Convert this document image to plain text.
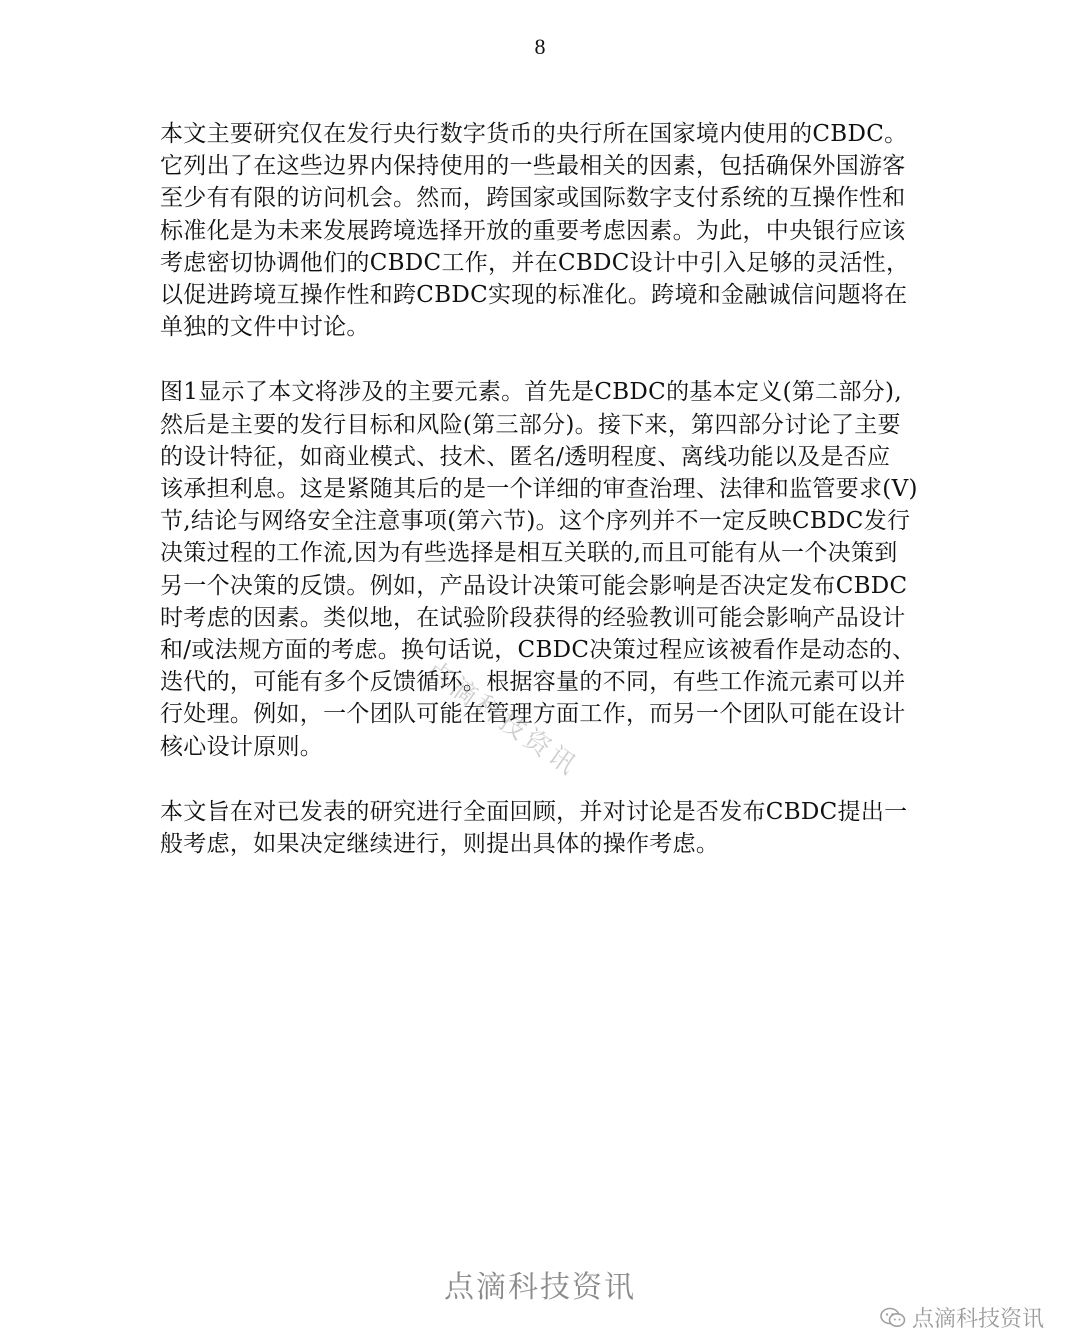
8

本文主要研究仅在发行央行数字货币的央行所在国家境内使用的CBDC。
它列出了在这些边界内保持使用的一些最相关的因素，包括确保外国游客
至少有有限的访问机会。然而，跨国家或国际数字支付系统的互操作性和
标准化是为未来发展跨境选择开放的重要考虑因素。为此，中央银行应该
考虑密切协调他们的CBDC工作，并在CBDC设计中引入足够的灵活性，
以促进跨境互操作性和跨CBDC实现的标准化。跨境和金融诚信问题将在
单独的文件中讨论。

图1显示了本文将涉及的主要元素。首先是CBDC的基本定义(第二部分),
然后是主要的发行目标和风险(第三部分)。接下来，第四部分讨论了主要
的设计特征，如商业模式、技术、匿名/透明程度、离线功能以及是否应
该承担利息。这是紧随其后的是一个详细的审查治理、法律和监管要求(V)
节,结论与网络安全注意事项(第六节)。这个序列并不一定反映CBDC发行
决策过程的工作流,因为有些选择是相互关联的,而且可能有从一个决策到
另一个决策的反馈。例如，产品设计决策可能会影响是否决定发布CBDC
时考虑的因素。类似地，在试验阶段获得的经验教训可能会影响产品设计
和/或法规方面的考虑。换句话说，CBDC决策过程应该被看作是动态的、
迭代的，可能有多个反馈循环。根据容量的不同，有些工作流元素可以并
行处理。例如，一个团队可能在管理方面工作，而另一个团队可能在设计
核心设计原则。

本文旨在对已发表的研究进行全面回顾，并对讨论是否发布CBDC提出一
般考虑，如果决定继续进行，则提出具体的操作考虑。

点滴科技资讯
点滴科技资讯
点滴科技资讯
